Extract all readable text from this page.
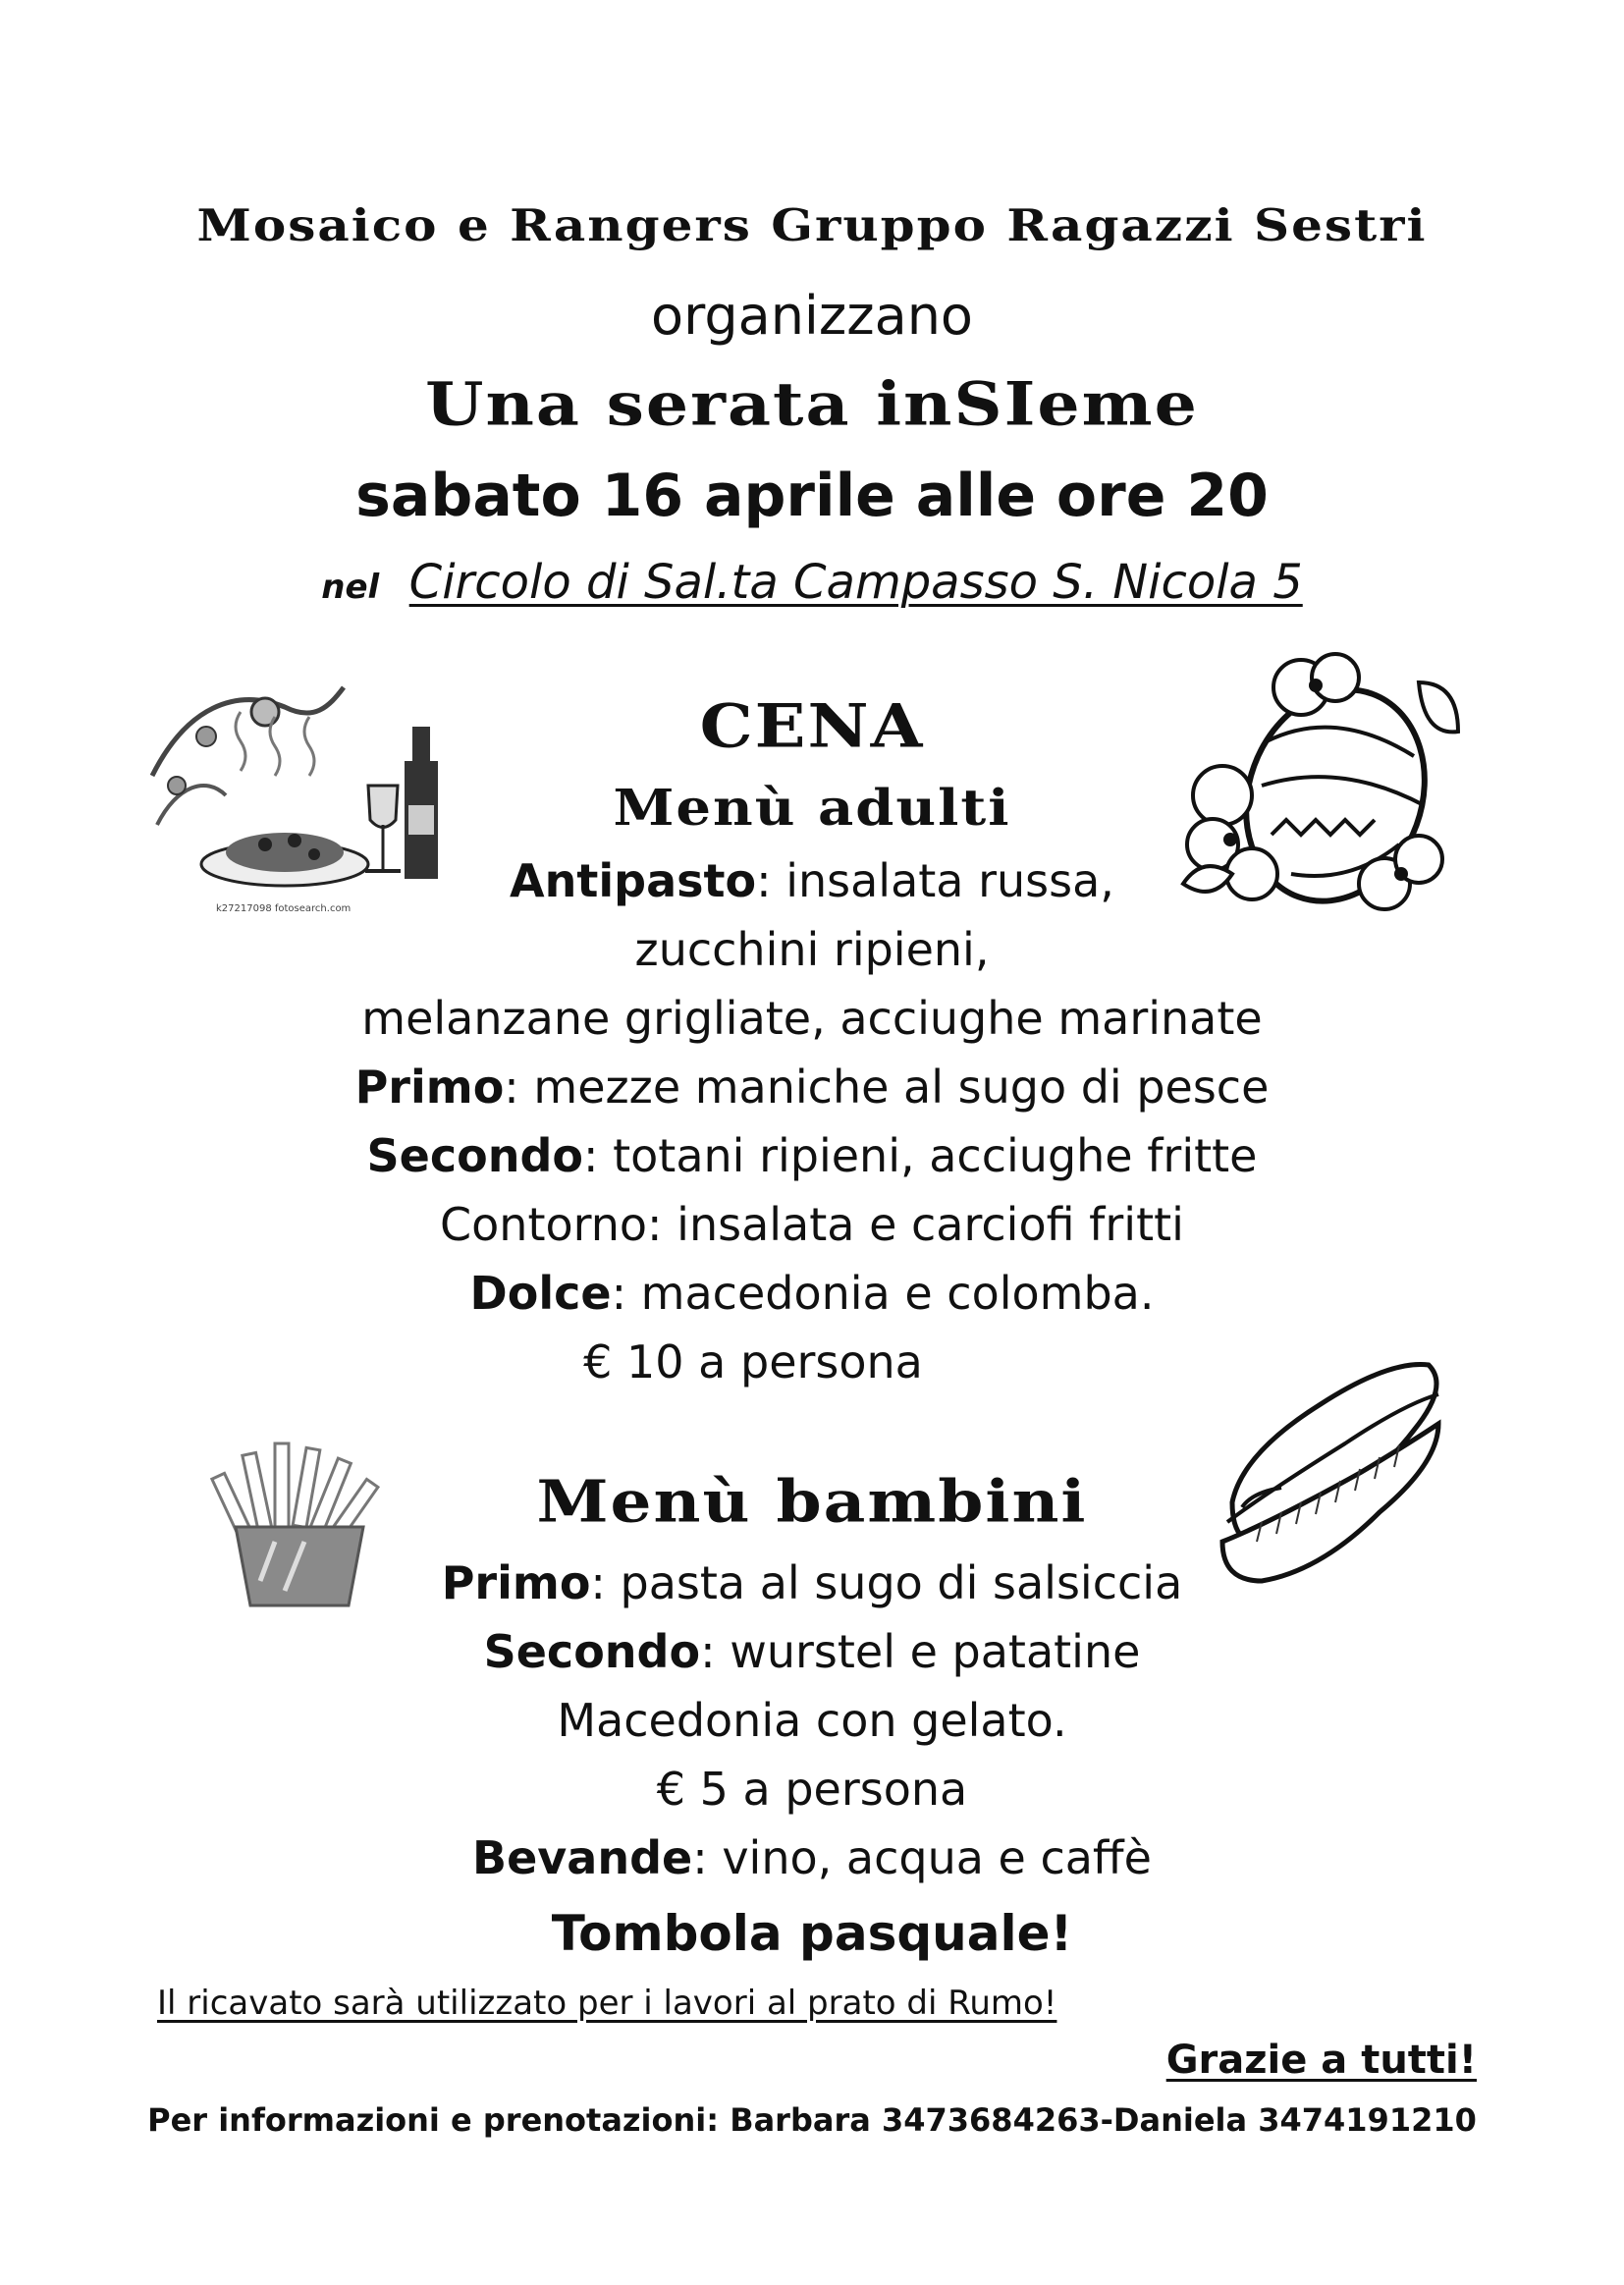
Mosaico e Rangers Gruppo Ragazzi Sestri
organizzano
Una serata inSIeme
sabato 16 aprile alle ore 20
nel Circolo di Sal.ta Campasso S. Nicola 5
k27217098 fotosearch.com
CENA
Menù adulti
Antipasto: insalata russa,
zucchini ripieni,
melanzane grigliate, acciughe marinate
Primo: mezze maniche al sugo di pesce
Secondo: totani ripieni, acciughe fritte
Contorno: insalata e carciofi fritti
Dolce: macedonia e colomba.
€ 10 a persona
Menù bambini
Primo: pasta al sugo di salsiccia
Secondo: wurstel e patatine
Macedonia con gelato.
€ 5 a persona
Bevande: vino, acqua e caffè
Tombola pasquale!
Il ricavato sarà utilizzato per i lavori al prato di Rumo!
Grazie a tutti!
Per informazioni e prenotazioni: Barbara 3473684263-Daniela 3474191210
